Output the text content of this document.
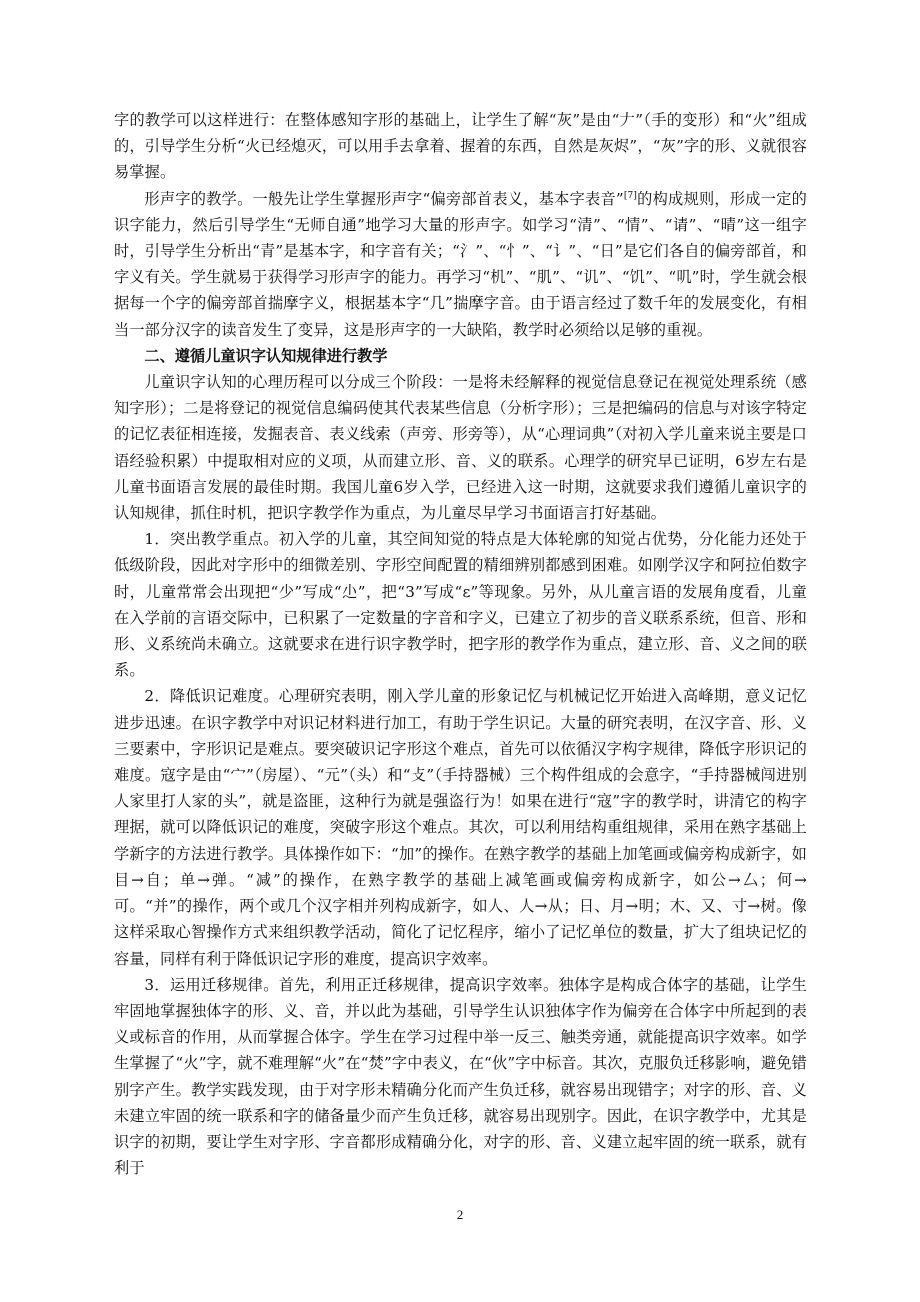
字的教学可以这样进行：在整体感知字形的基础上，让学生了解“灰”是由“𠂇”（手的变形）和“火”组成的，引导学生分析“火已经熄灭，可以用手去拿着、握着的东西，自然是灰烬”，“灰”字的形、义就很容易掌握。

形声字的教学。一般先让学生掌握形声字“偏旁部首表义，基本字表音”[7]的构成规则，形成一定的识字能力，然后引导学生“无师自通”地学习大量的形声字。如学习“清”、“情”、“请”、“晴”这一组字时，引导学生分析出“青”是基本字，和字音有关；“氵”、“忄”、“讠”、“日”是它们各自的偏旁部首，和字义有关。学生就易于获得学习形声字的能力。再学习“机”、“肌”、“讥”、“饥”、“叽”时，学生就会根据每一个字的偏旁部首揣摩字义，根据基本字“几”揣摩字音。由于语言经过了数千年的发展变化，有相当一部分汉字的读音发生了变异，这是形声字的一大缺陷，教学时必须给以足够的重视。

二、遵循儿童识字认知规律进行教学

儿童识字认知的心理历程可以分成三个阶段：一是将未经解释的视觉信息登记在视觉处理系统（感知字形）；二是将登记的视觉信息编码使其代表某些信息（分析字形）；三是把编码的信息与对该字特定的记忆表征相连接，发掘表音、表义线索（声旁、形旁等），从“心理词典”（对初入学儿童来说主要是口语经验积累）中提取相对应的义项，从而建立形、音、义的联系。心理学的研究早已证明，6岁左右是儿童书面语言发展的最佳时期。我国儿童6岁入学，已经进入这一时期，这就要求我们遵循儿童识字的认知规律，抓住时机，把识字教学作为重点，为儿童尽早学习书面语言打好基础。

1．突出教学重点。初入学的儿童，其空间知觉的特点是大体轮廓的知觉占优势，分化能力还处于低级阶段，因此对字形中的细微差别、字形空间配置的精细辨别都感到困难。如刚学汉字和阿拉伯数字时，儿童常常会出现把“少”写成“尐”，把“3”写成“ε”等现象。另外，从儿童言语的发展角度看，儿童在入学前的言语交际中，已积累了一定数量的字音和字义，已建立了初步的音义联系系统，但音、形和形、义系统尚未确立。这就要求在进行识字教学时，把字形的教学作为重点，建立形、音、义之间的联系。

2．降低识记难度。心理研究表明，刚入学儿童的形象记忆与机械记忆开始进入高峰期，意义记忆进步迅速。在识字教学中对识记材料进行加工，有助于学生识记。大量的研究表明，在汉字音、形、义三要素中，字形识记是难点。要突破识记字形这个难点，首先可以依循汉字构字规律，降低字形识记的难度。寇字是由“宀”（房屋）、“元”（头）和“攴”（手持器械）三个构件组成的会意字，“手持器械闯进别人家里打人家的头”，就是盗匪，这种行为就是强盗行为！如果在进行“寇”字的教学时，讲清它的构字理据，就可以降低识记的难度，突破字形这个难点。其次，可以利用结构重组规律，采用在熟字基础上学新字的方法进行教学。具体操作如下：“加”的操作。在熟字教学的基础上加笔画或偏旁构成新字，如目→自；单→弹。“减”的操作，在熟字教学的基础上减笔画或偏旁构成新字，如公→厶；何→可。“并”的操作，两个或几个汉字相并列构成新字，如人、人→从；日、月→明；木、又、寸→树。像这样采取心智操作方式来组织教学活动，简化了记忆程序，缩小了记忆单位的数量，扩大了组块记忆的容量，同样有利于降低识记字形的难度，提高识字效率。

3．运用迁移规律。首先，利用正迁移规律，提高识字效率。独体字是构成合体字的基础，让学生牢固地掌握独体字的形、义、音，并以此为基础，引导学生认识独体字作为偏旁在合体字中所起到的表义或标音的作用，从而掌握合体字。学生在学习过程中举一反三、触类旁通，就能提高识字效率。如学生掌握了“火”字，就不难理解“火”在“焚”字中表义，在“伙”字中标音。其次，克服负迁移影响，避免错别字产生。教学实践发现，由于对字形未精确分化而产生负迁移，就容易出现错字；对字的形、音、义未建立牢固的统一联系和字的储备量少而产生负迁移，就容易出现别字。因此，在识字教学中，尤其是识字的初期，要让学生对字形、字音都形成精确分化，对字的形、音、义建立起牢固的统一联系，就有利于

2
